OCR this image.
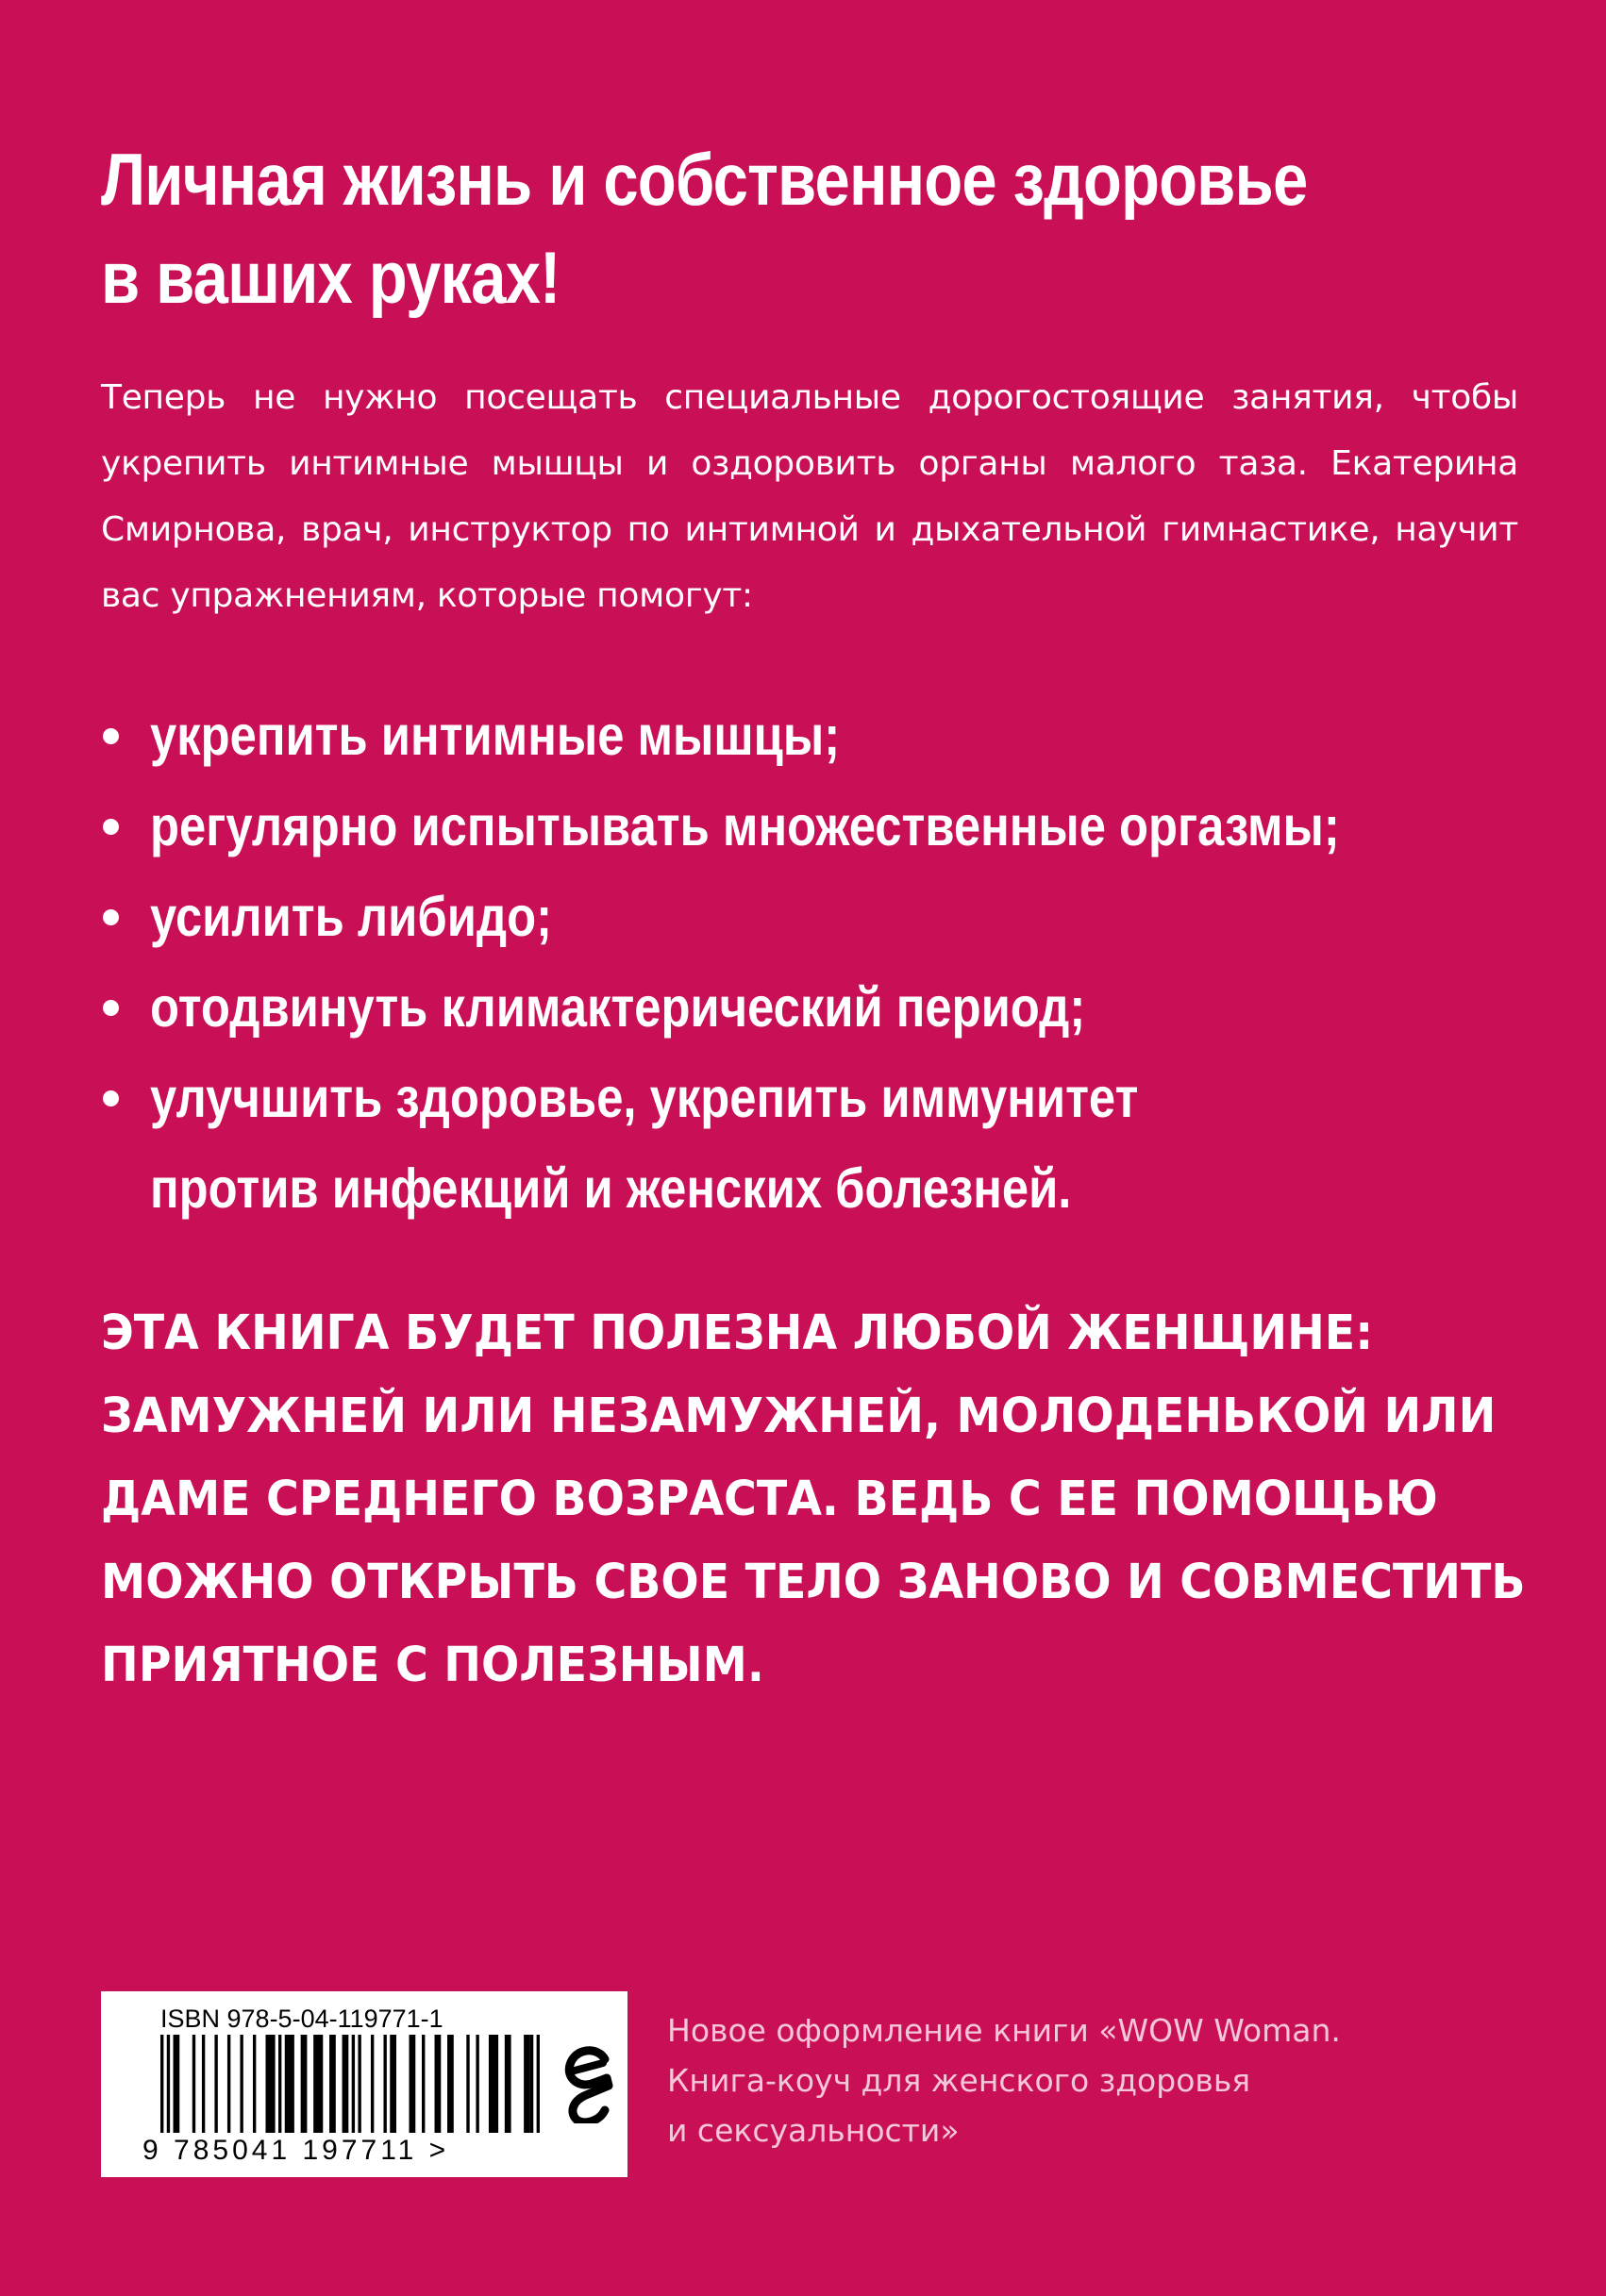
Личная жизнь и собственное здоровье
в ваших руках!

Теперь не нужно посещать специальные дорогостоящие занятия, чтобы укрепить интимные мышцы и оздоровить органы малого таза. Екатерина Смирнова, врач, инструктор по интимной и дыхательной гимнастике, научит вас упражнениям, которые помогут:

укрепить интимные мышцы;
регулярно испытывать множественные оргазмы;
усилить либидо;
отодвинуть климактерический период;
улучшить здоровье, укрепить иммунитет
против инфекций и женских болезней.
ЭТА КНИГА БУДЕТ ПОЛЕЗНА ЛЮБОЙ ЖЕНЩИНЕ:
ЗАМУЖНЕЙ ИЛИ НЕЗАМУЖНЕЙ, МОЛОДЕНЬКОЙ ИЛИ
ДАМЕ СРЕДНЕГО ВОЗРАСТА. ВЕДЬ С ЕЕ ПОМОЩЬЮ
МОЖНО ОТКРЫТЬ СВОЕ ТЕЛО ЗАНОВО И СОВМЕСТИТЬ
ПРИЯТНОЕ С ПОЛЕЗНЫМ.
ISBN 978-5-04-119771-1
9 785041 197711 >

Новое оформление книги «WOW Woman.
Книга-коуч для женского здоровья
и сексуальности»
